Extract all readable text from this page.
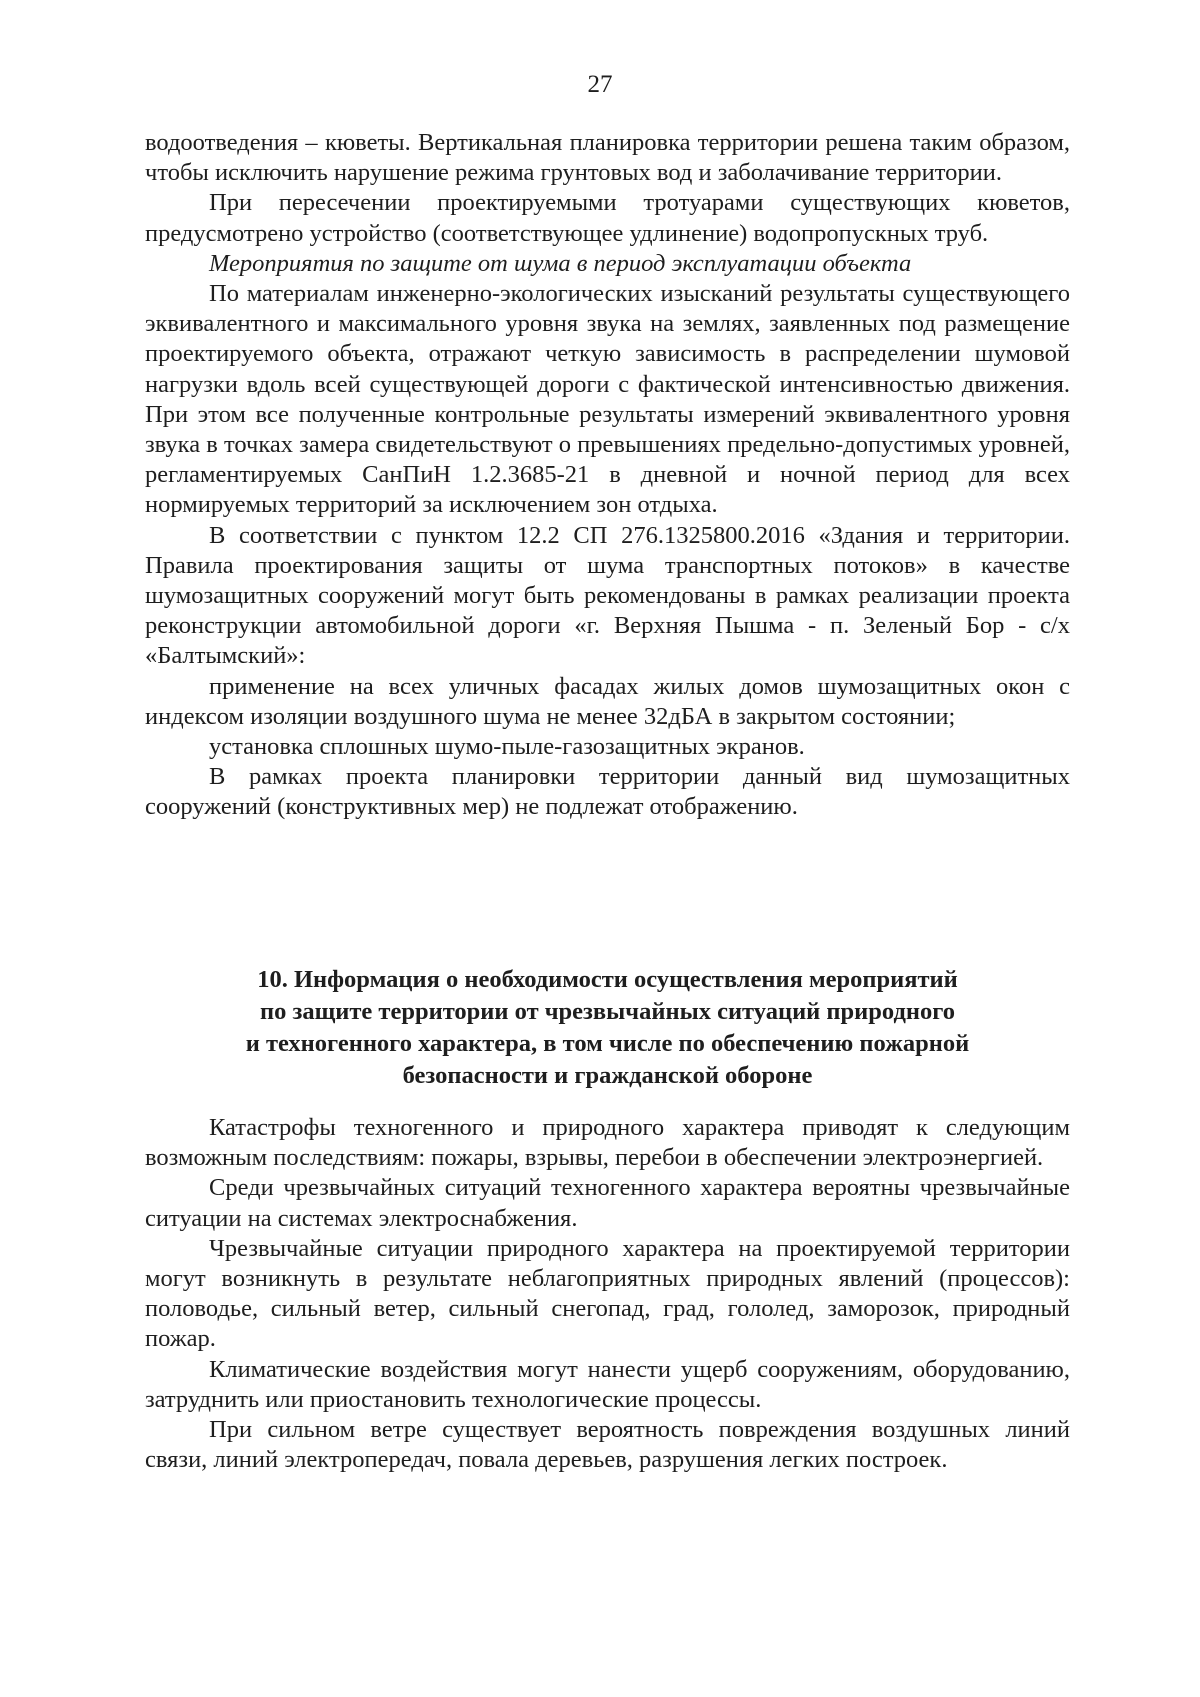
27

водоотведения – кюветы. Вертикальная планировка территории решена таким образом, чтобы исключить нарушение режима грунтовых вод и заболачивание территории.

При пересечении проектируемыми тротуарами существующих кюветов, предусмотрено устройство (соответствующее удлинение) водопропускных труб.

Мероприятия по защите от шума в период эксплуатации объекта

По материалам инженерно-экологических изысканий результаты существующего эквивалентного и максимального уровня звука на землях, заявленных под размещение проектируемого объекта, отражают четкую зависимость в распределении шумовой нагрузки вдоль всей существующей дороги с фактической интенсивностью движения. При этом все полученные контрольные результаты измерений эквивалентного уровня звука в точках замера свидетельствуют о превышениях предельно-допустимых уровней, регламентируемых СанПиН 1.2.3685-21 в дневной и ночной период для всех нормируемых территорий за исключением зон отдыха.

В соответствии с пунктом 12.2 СП 276.1325800.2016 «Здания и территории. Правила проектирования защиты от шума транспортных потоков» в качестве шумозащитных сооружений могут быть рекомендованы в рамках реализации проекта реконструкции автомобильной дороги «г. Верхняя Пышма - п. Зеленый Бор - с/х «Балтымский»:

применение на всех уличных фасадах жилых домов шумозащитных окон с индексом изоляции воздушного шума не менее 32дБА в закрытом состоянии;

установка сплошных шумо-пыле-газозащитных экранов.

В рамках проекта планировки территории данный вид шумозащитных сооружений (конструктивных мер) не подлежат отображению.

10. Информация о необходимости осуществления мероприятий
по защите территории от чрезвычайных ситуаций природного
и техногенного характера, в том числе по обеспечению пожарной
безопасности и гражданской обороне

Катастрофы техногенного и природного характера приводят к следующим возможным последствиям: пожары, взрывы, перебои в обеспечении электроэнергией.

Среди чрезвычайных ситуаций техногенного характера вероятны чрезвычайные ситуации на системах электроснабжения.

Чрезвычайные ситуации природного характера на проектируемой территории могут возникнуть в результате неблагоприятных природных явлений (процессов): половодье, сильный ветер, сильный снегопад, град, гололед, заморозок, природный пожар.

Климатические воздействия могут нанести ущерб сооружениям, оборудованию, затруднить или приостановить технологические процессы.

При сильном ветре существует вероятность повреждения воздушных линий связи, линий электропередач, повала деревьев, разрушения легких построек.
